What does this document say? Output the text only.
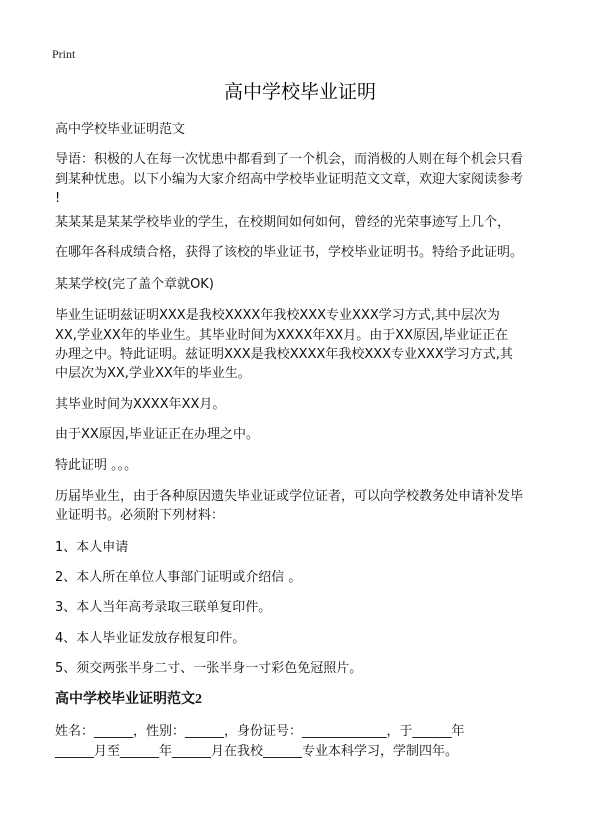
Print
高中学校毕业证明

高中学校毕业证明范文

导语：积极的人在每一次忧患中都看到了一个机会，而消极的人则在每个机会只看

到某种忧患。以下小编为大家介绍高中学校毕业证明范文文章，欢迎大家阅读参考

!

某某某是某某学校毕业的学生，在校期间如何如何，曾经的光荣事迹写上几个，

在哪年各科成绩合格，获得了该校的毕业证书，学校毕业证明书。特给予此证明。

某某学校(完了盖个章就OK)

毕业生证明兹证明XXX是我校XXXX年我校XXX专业XXX学习方式,其中层次为

XX,学业XX年的毕业生。其毕业时间为XXXX年XX月。由于XX原因,毕业证正在

办理之中。特此证明。兹证明XXX是我校XXXX年我校XXX专业XXX学习方式,其

中层次为XX,学业XX年的毕业生。

其毕业时间为XXXX年XX月。

由于XX原因,毕业证正在办理之中。

特此证明 。。。

历届毕业生，由于各种原因遗失毕业证或学位证者，可以向学校教务处申请补发毕

业证明书。必须附下列材料：

1、本人申请

2、本人所在单位人事部门证明或介绍信 。

3、本人当年高考录取三联单复印件。

4、本人毕业证发放存根复印件。

5、须交两张半身二寸、一张半身一寸彩色免冠照片。

高中学校毕业证明范文2

姓名：______，性别：______，身份证号：_____________，于______年

______月至______年______月在我校______专业本科学习，学制四年。
